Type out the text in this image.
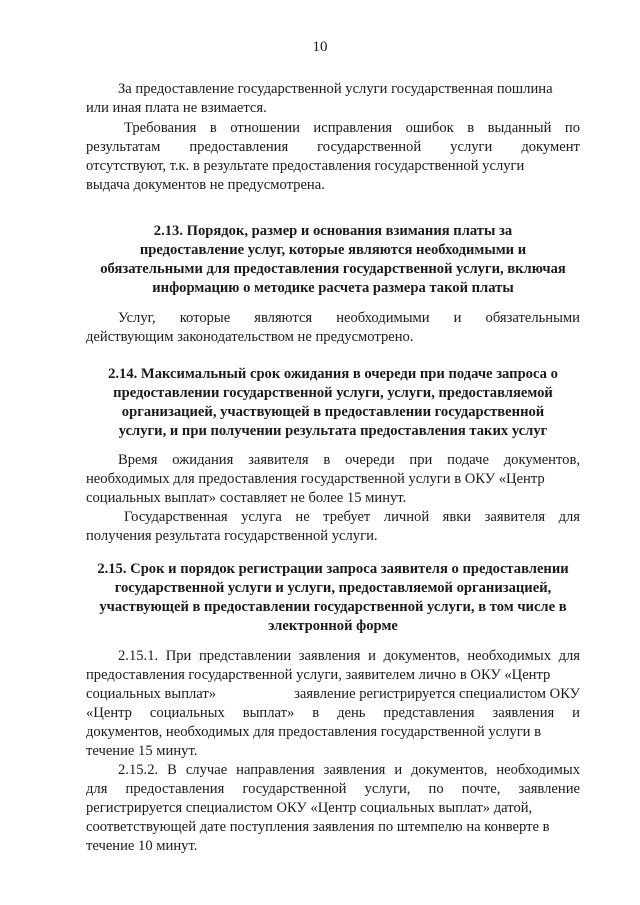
10
За предоставление государственной услуги государственная пошлина
или иная плата не взимается.
Требования в отношении исправления ошибок в выданный по
результатам предоставления государственной услуги документ
отсутствуют, т.к. в результате предоставления государственной услуги
выдача документов не предусмотрена.
2.13. Порядок, размер и основания взимания платы за
предоставление услуг, которые являются необходимыми и
обязательными для предоставления государственной услуги, включая
информацию о методике расчета размера такой платы
Услуг, которые являются необходимыми и обязательными
действующим законодательством не предусмотрено.
2.14. Максимальный срок ожидания в очереди при подаче запроса о
предоставлении государственной услуги, услуги, предоставляемой
организацией, участвующей в предоставлении государственной
услуги, и при получении результата предоставления таких услуг
Время ожидания заявителя в очереди при подаче документов,
необходимых для предоставления государственной услуги в ОКУ «Центр
социальных выплат» составляет не более 15 минут.
Государственная услуга не требует личной явки заявителя для
получения результата государственной услуги.
2.15. Срок и порядок регистрации запроса заявителя о предоставлении
государственной услуги и услуги, предоставляемой организацией,
участвующей в предоставлении государственной услуги, в том числе в
электронной форме
2.15.1. При представлении заявления и документов, необходимых для
предоставления государственной услуги, заявителем лично в ОКУ «Центр
социальных выплат»	заявление регистрируется специалистом ОКУ
«Центр социальных выплат» в день представления заявления и
документов, необходимых для предоставления государственной услуги в
течение 15 минут.
2.15.2. В случае направления заявления и документов, необходимых
для предоставления государственной услуги, по почте, заявление
регистрируется специалистом ОКУ «Центр социальных выплат» датой,
соответствующей дате поступления заявления по штемпелю на конверте в
течение 10 минут.
